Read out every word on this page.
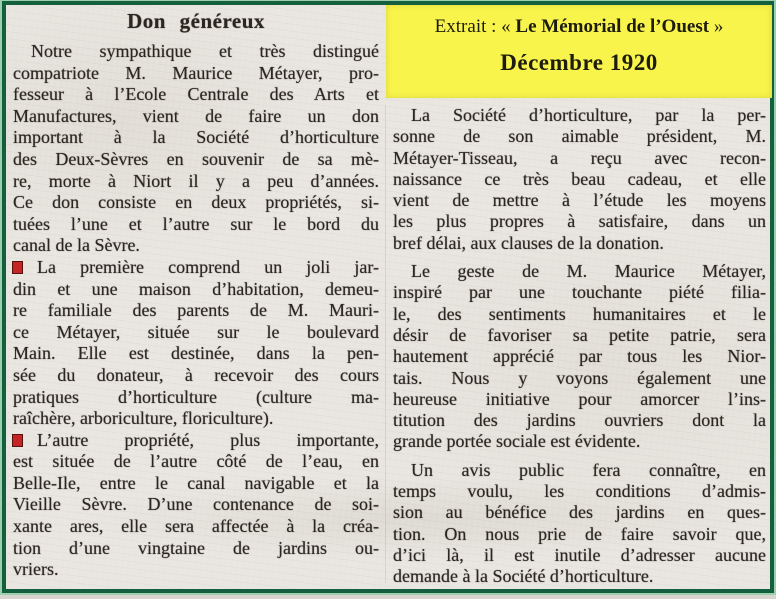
Don généreux
Notre sympathique et très distingué
compatriote M. Maurice Métayer, pro-
fesseur à l’Ecole Centrale des Arts et
Manufactures, vient de faire un don
important à la Société d’horticulture
des Deux-Sèvres en souvenir de sa mè-
re, morte à Niort il y a peu d’années.
Ce don consiste en deux propriétés, si-
tuées l’une et l’autre sur le bord du
canal de la Sèvre.
La première comprend un joli jar-
din et une maison d’habitation, demeu-
re familiale des parents de M. Mauri-
ce Métayer, située sur le boulevard
Main. Elle est destinée, dans la pen-
sée du donateur, à recevoir des cours
pratiques d’horticulture (culture ma-
raîchère, arboriculture, floriculture).
L’autre propriété, plus importante,
est située de l’autre côté de l’eau, en
Belle-Ile, entre le canal navigable et la
Vieille Sèvre. D’une contenance de soi-
xante ares, elle sera affectée à la créa-
tion d’une vingtaine de jardins ou-
vriers.
Extrait : « Le Mémorial de l’Ouest »
Décembre 1920
La Société d’horticulture, par la per-
sonne de son aimable président, M.
Métayer-Tisseau, a reçu avec recon-
naissance ce très beau cadeau, et elle
vient de mettre à l’étude les moyens
les plus propres à satisfaire, dans un
bref délai, aux clauses de la donation.
Le geste de M. Maurice Métayer,
inspiré par une touchante piété filia-
le, des sentiments humanitaires et le
désir de favoriser sa petite patrie, sera
hautement apprécié par tous les Nior-
tais. Nous y voyons également une
heureuse initiative pour amorcer l’ins-
titution des jardins ouvriers dont la
grande portée sociale est évidente.
Un avis public fera connaître, en
temps voulu, les conditions d’admis-
sion au bénéfice des jardins en ques-
tion. On nous prie de faire savoir que,
d’ici là, il est inutile d’adresser aucune
demande à la Société d’horticulture.
